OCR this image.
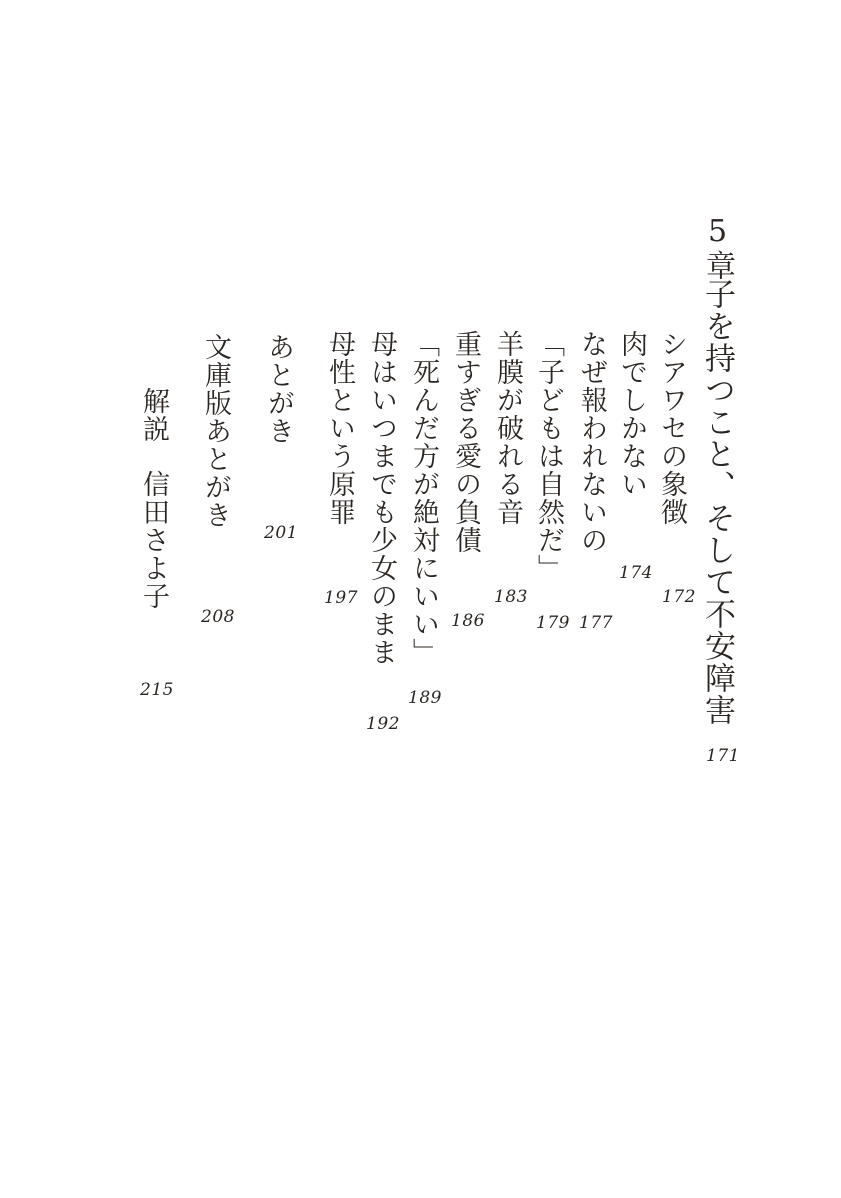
5章
子を持つこと、そして不安障害
171
シアワセの象徴
172
肉でしかない
174
なぜ報われないの
177
「子どもは自然だ」
179
羊膜が破れる音
183
重すぎる愛の負債
186
「死んだ方が絶対にいい」
189
母はいつまでも少女のまま
192
母性という原罪
197
あとがき
201
文庫版あとがき
208
解説
信田さよ子
215
